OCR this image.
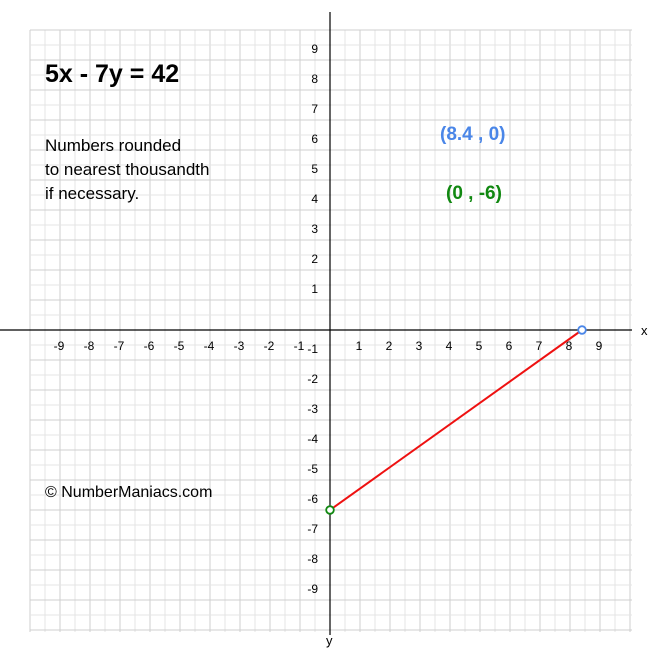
x
y
-9 -8 -7 -6 -5 -4 -3 -2 -1	1 2 3 4 5 6 7 8 9
9
8
7
6
5
4
3
2
1
-1
-2
-3
-4
-5
-6
-7
-8
-9
5x - 7y = 42
Numbers rounded
to nearest thousandth
if necessary.
(8.4 , 0)
(0 , -6)
© NumberManiacs.com
